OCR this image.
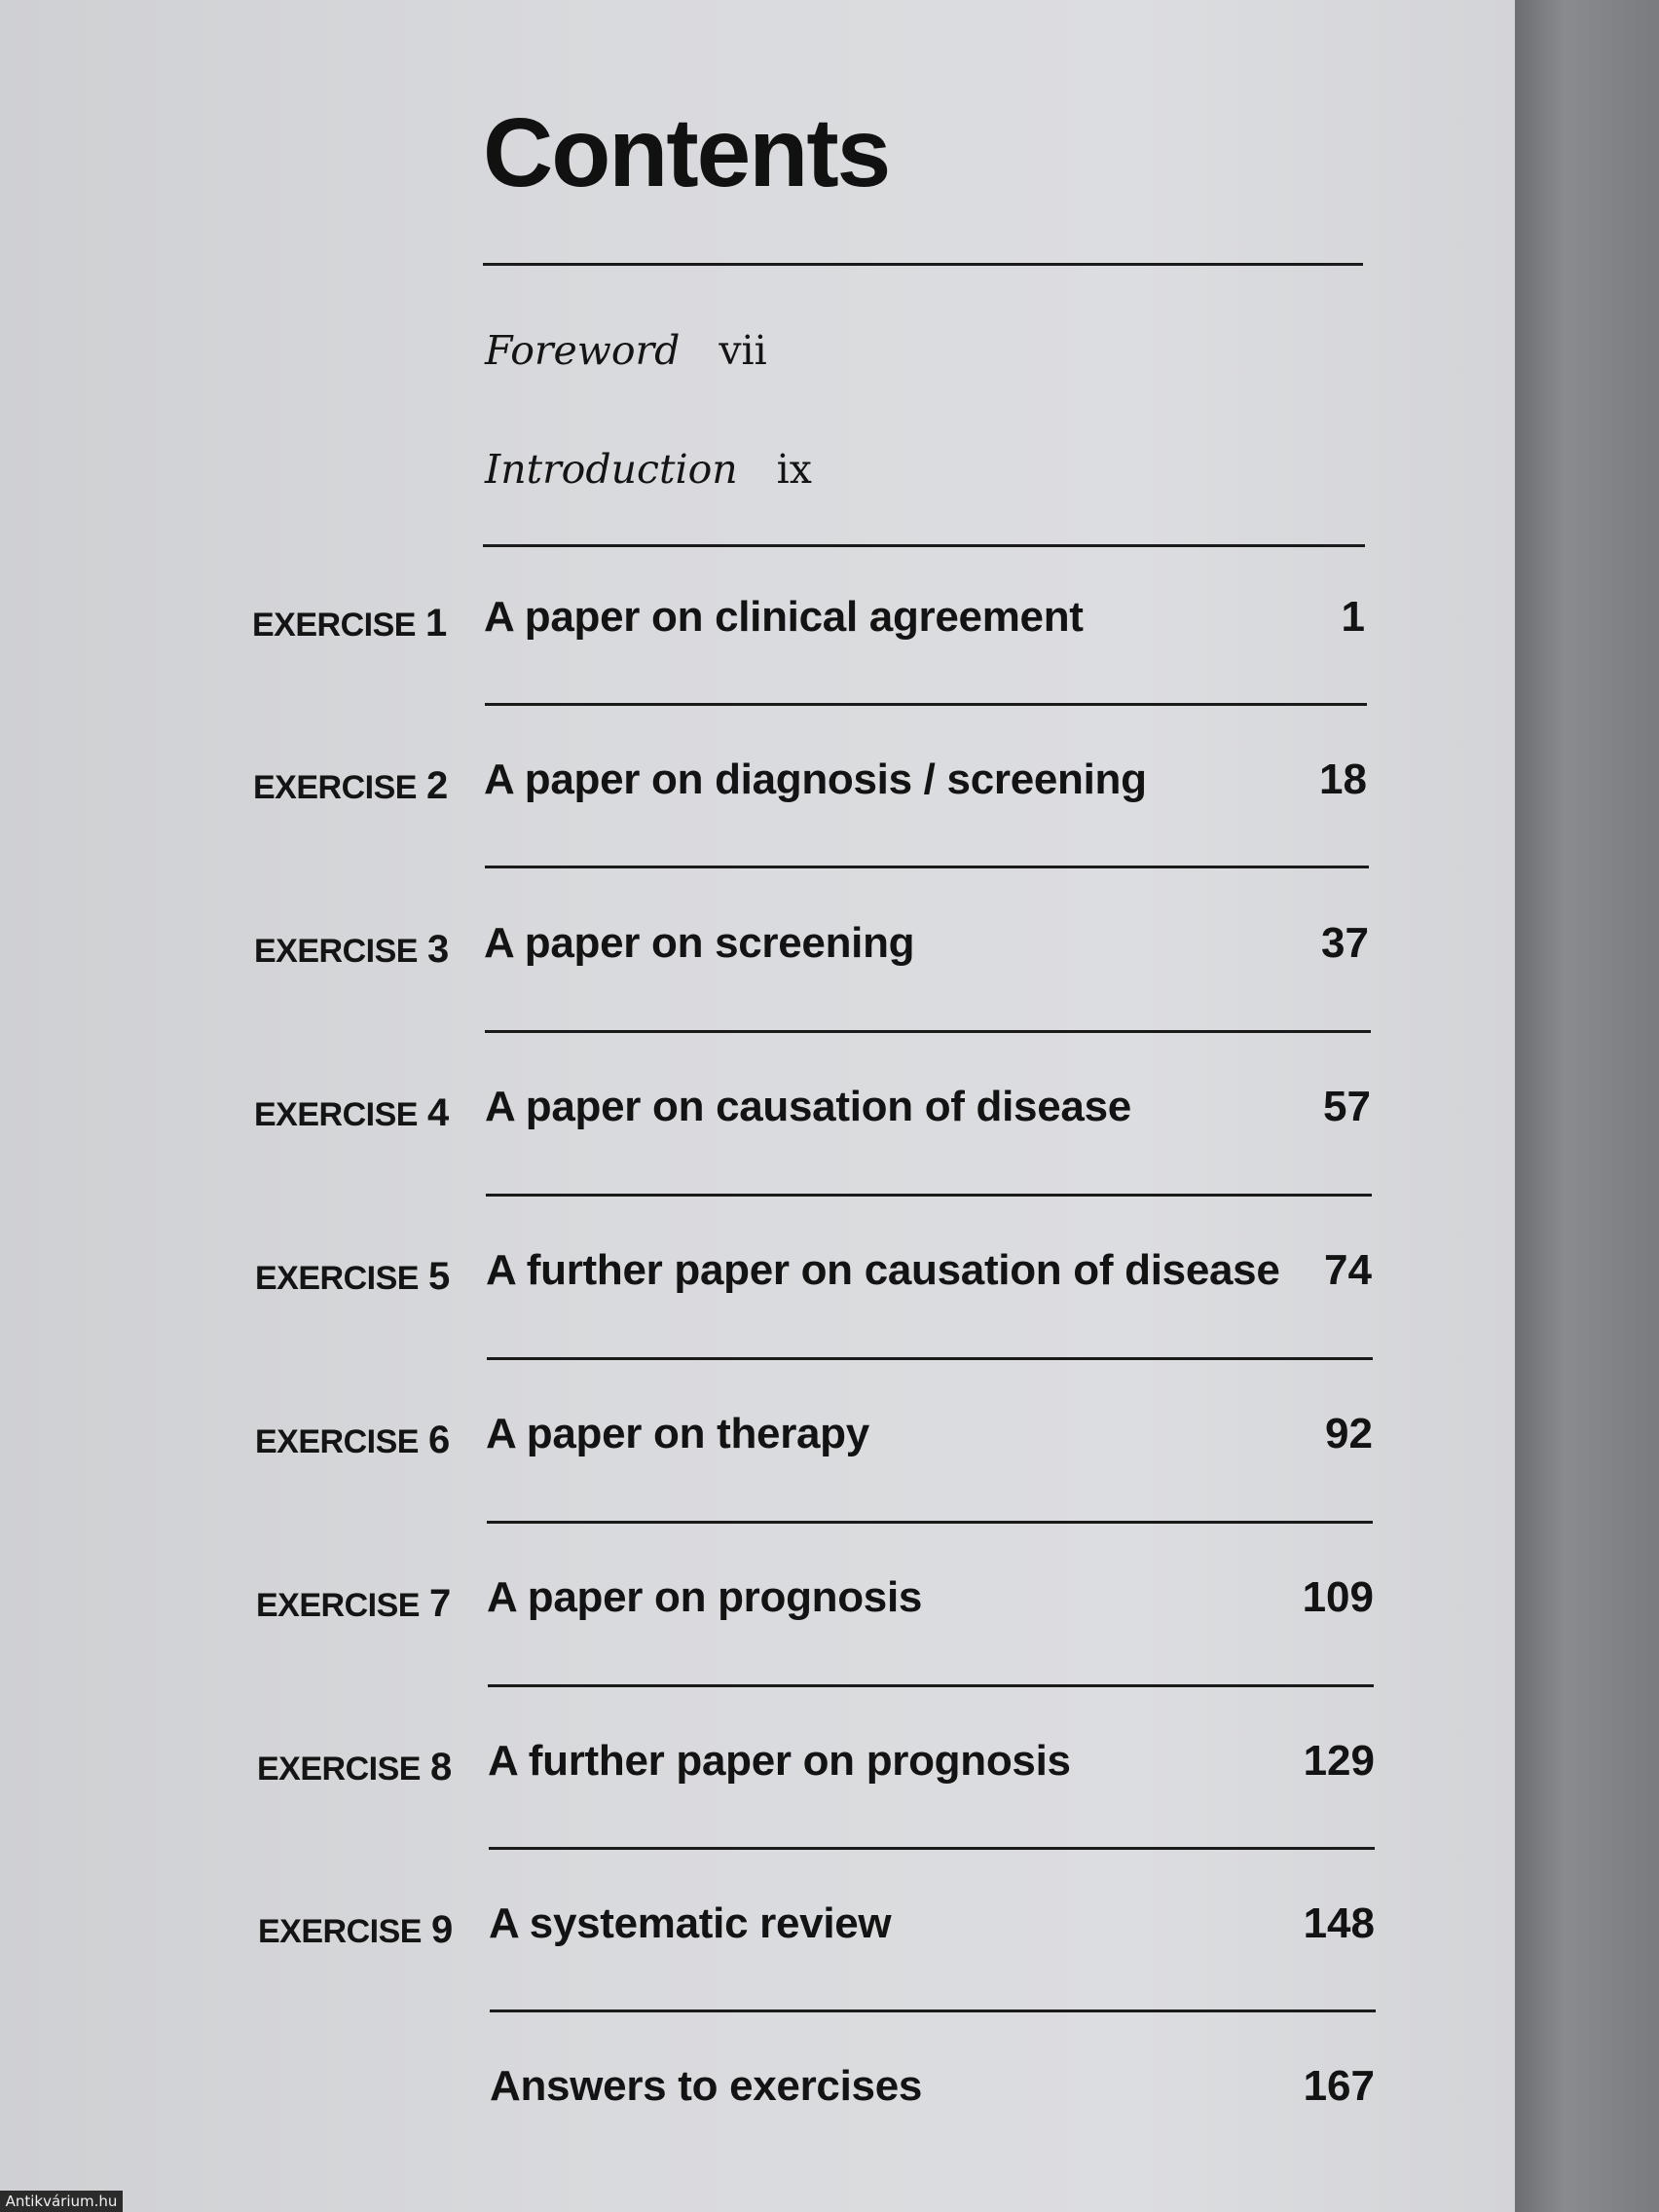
Contents
Foreword vii
Introduction ix
EXERCISE 1 A paper on clinical agreement	1
EXERCISE 2 A paper on diagnosis / screening	18
EXERCISE 3 A paper on screening	37
EXERCISE 4 A paper on causation of disease	57
EXERCISE 5 A further paper on causation of disease	74
EXERCISE 6 A paper on therapy	92
EXERCISE 7 A paper on prognosis	109
EXERCISE 8 A further paper on prognosis	129
EXERCISE 9 A systematic review	148
Answers to exercises	167
Antikvárium.hu
